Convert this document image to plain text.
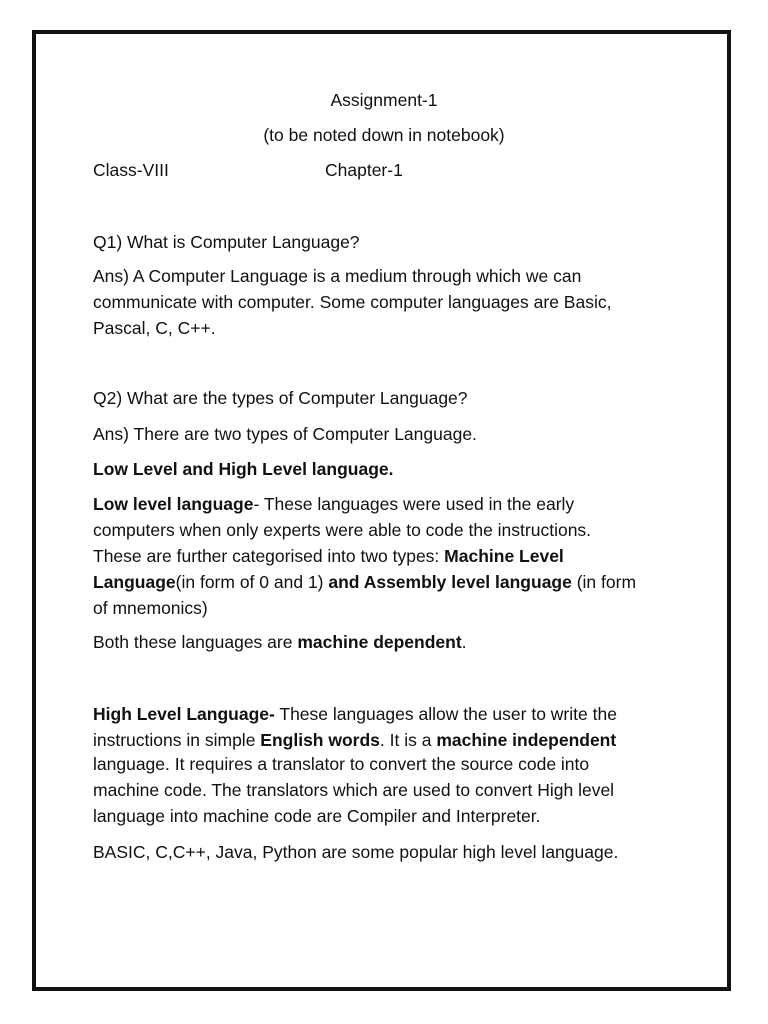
Assignment-1
(to be noted down in notebook)
Class-VIII	Chapter-1
Q1) What is Computer Language?
Ans) A Computer Language is a medium through which we can
communicate with computer. Some computer languages are Basic,
Pascal, C, C++.
Q2) What are the types of Computer Language?
Ans) There are two types of Computer Language.
Low Level and High Level language.
Low level language- These languages were used in the early
computers when only experts were able to code the instructions.
These are further categorised into two types: Machine Level
Language(in form of 0 and 1) and Assembly level language (in form
of mnemonics)
Both these languages are machine dependent.
High Level Language- These languages allow the user to write the
instructions in simple English words. It is a machine independent
language. It requires a translator to convert the source code into
machine code. The translators which are used to convert High level
language into machine code are Compiler and Interpreter.
BASIC, C,C++, Java, Python are some popular high level language.
